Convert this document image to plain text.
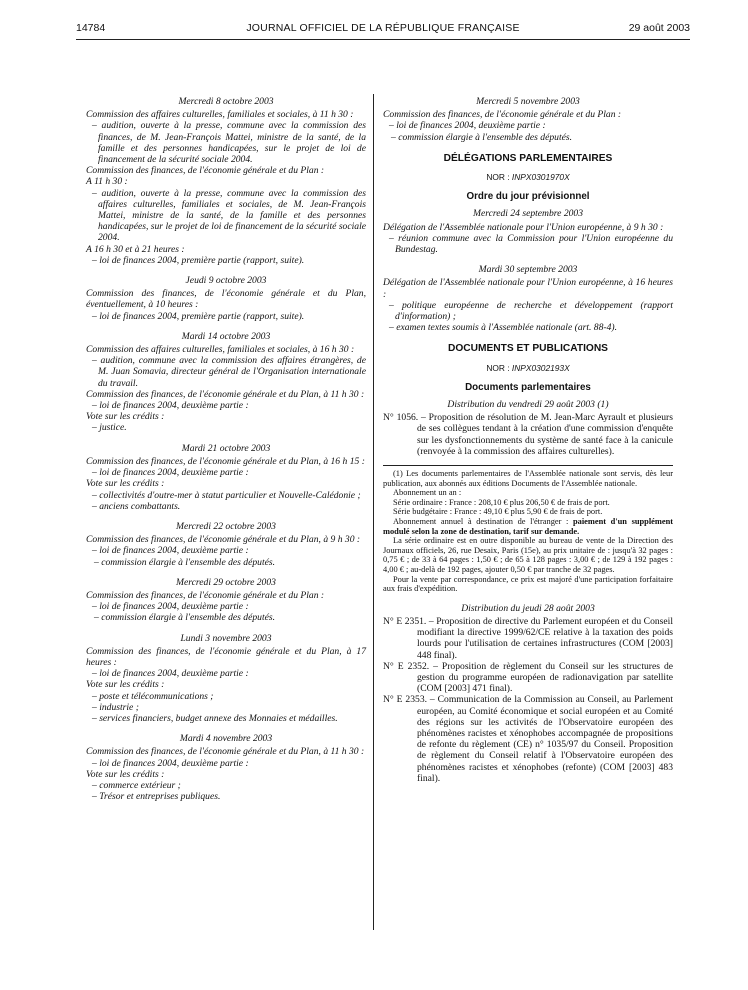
14784	JOURNAL OFFICIEL DE LA RÉPUBLIQUE FRANÇAISE	29 août 2003
Mercredi 8 octobre 2003
Commission des affaires culturelles, familiales et sociales, à 11 h 30 :
– audition, ouverte à la presse, commune avec la commission des finances, de M. Jean-François Mattei, ministre de la santé, de la famille et des personnes handicapées, sur le projet de loi de financement de la sécurité sociale 2004.
Commission des finances, de l'économie générale et du Plan :
A 11 h 30 :
– audition, ouverte à la presse, commune avec la commission des affaires culturelles, familiales et sociales, de M. Jean-François Mattei, ministre de la santé, de la famille et des personnes handicapées, sur le projet de loi de financement de la sécurité sociale 2004.
A 16 h 30 et à 21 heures :
– loi de finances 2004, première partie (rapport, suite).
Jeudi 9 octobre 2003
Commission des finances, de l'économie générale et du Plan, éventuellement, à 10 heures :
– loi de finances 2004, première partie (rapport, suite).
Mardi 14 octobre 2003
Commission des affaires culturelles, familiales et sociales, à 16 h 30 :
– audition, commune avec la commission des affaires étrangères, de M. Juan Somavia, directeur général de l'Organisation internationale du travail.
Commission des finances, de l'économie générale et du Plan, à 11 h 30 :
– loi de finances 2004, deuxième partie :
Vote sur les crédits :
– justice.
Mardi 21 octobre 2003
Commission des finances, de l'économie générale et du Plan, à 16 h 15 :
– loi de finances 2004, deuxième partie :
Vote sur les crédits :
– collectivités d'outre-mer à statut particulier et Nouvelle-Calédonie ;
– anciens combattants.
Mercredi 22 octobre 2003
Commission des finances, de l'économie générale et du Plan, à 9 h 30 :
– loi de finances 2004, deuxième partie :
– commission élargie à l'ensemble des députés.
Mercredi 29 octobre 2003
Commission des finances, de l'économie générale et du Plan :
– loi de finances 2004, deuxième partie :
– commission élargie à l'ensemble des députés.
Lundi 3 novembre 2003
Commission des finances, de l'économie générale et du Plan, à 17 heures :
– loi de finances 2004, deuxième partie :
Vote sur les crédits :
– poste et télécommunications ;
– industrie ;
– services financiers, budget annexe des Monnaies et médailles.
Mardi 4 novembre 2003
Commission des finances, de l'économie générale et du Plan, à 11 h 30 :
– loi de finances 2004, deuxième partie :
Vote sur les crédits :
– commerce extérieur ;
– Trésor et entreprises publiques.
Mercredi 5 novembre 2003
Commission des finances, de l'économie générale et du Plan :
– loi de finances 2004, deuxième partie :
– commission élargie à l'ensemble des députés.
DÉLÉGATIONS PARLEMENTAIRES
NOR : INPX0301970X
Ordre du jour prévisionnel
Mercredi 24 septembre 2003
Délégation de l'Assemblée nationale pour l'Union européenne, à 9 h 30 :
– réunion commune avec la Commission pour l'Union européenne du Bundestag.
Mardi 30 septembre 2003
Délégation de l'Assemblée nationale pour l'Union européenne, à 16 heures :
– politique européenne de recherche et développement (rapport d'information) ;
– examen textes soumis à l'Assemblée nationale (art. 88-4).
DOCUMENTS ET PUBLICATIONS
NOR : INPX0302193X
Documents parlementaires
Distribution du vendredi 29 août 2003 (1)
N° 1056. – Proposition de résolution de M. Jean-Marc Ayrault et plusieurs de ses collègues tendant à la création d'une commission d'enquête sur les dysfonctionnements du système de santé face à la canicule (renvoyée à la commission des affaires culturelles).

(1) Les documents parlementaires de l'Assemblée nationale sont servis, dès leur publication, aux abonnés aux éditions Documents de l'Assemblée nationale.

Abonnement un an :

Série ordinaire : France : 208,10 € plus 206,50 € de frais de port.

Série budgétaire : France : 49,10 € plus 5,90 € de frais de port.

Abonnement annuel à destination de l'étranger : paiement d'un supplément modulé selon la zone de destination, tarif sur demande.

La série ordinaire est en outre disponible au bureau de vente de la Direction des Journaux officiels, 26, rue Desaix, Paris (15e), au prix unitaire de : jusqu'à 32 pages : 0,75 € ; de 33 à 64 pages : 1,50 € ; de 65 à 128 pages : 3,00 € ; de 129 à 192 pages : 4,00 € ; au-delà de 192 pages, ajouter 0,50 € par tranche de 32 pages.

Pour la vente par correspondance, ce prix est majoré d'une participation forfaitaire aux frais d'expédition.

Distribution du jeudi 28 août 2003
N° E 2351. – Proposition de directive du Parlement européen et du Conseil modifiant la directive 1999/62/CE relative à la taxation des poids lourds pour l'utilisation de certaines infrastructures (COM [2003] 448 final).
N° E 2352. – Proposition de règlement du Conseil sur les structures de gestion du programme européen de radionavigation par satellite (COM [2003] 471 final).
N° E 2353. – Communication de la Commission au Conseil, au Parlement européen, au Comité économique et social européen et au Comité des régions sur les activités de l'Observatoire européen des phénomènes racistes et xénophobes accompagnée de propositions de refonte du règlement (CE) n° 1035/97 du Conseil. Proposition de règlement du Conseil relatif à l'Observatoire européen des phénomènes racistes et xénophobes (refonte) (COM [2003] 483 final).
